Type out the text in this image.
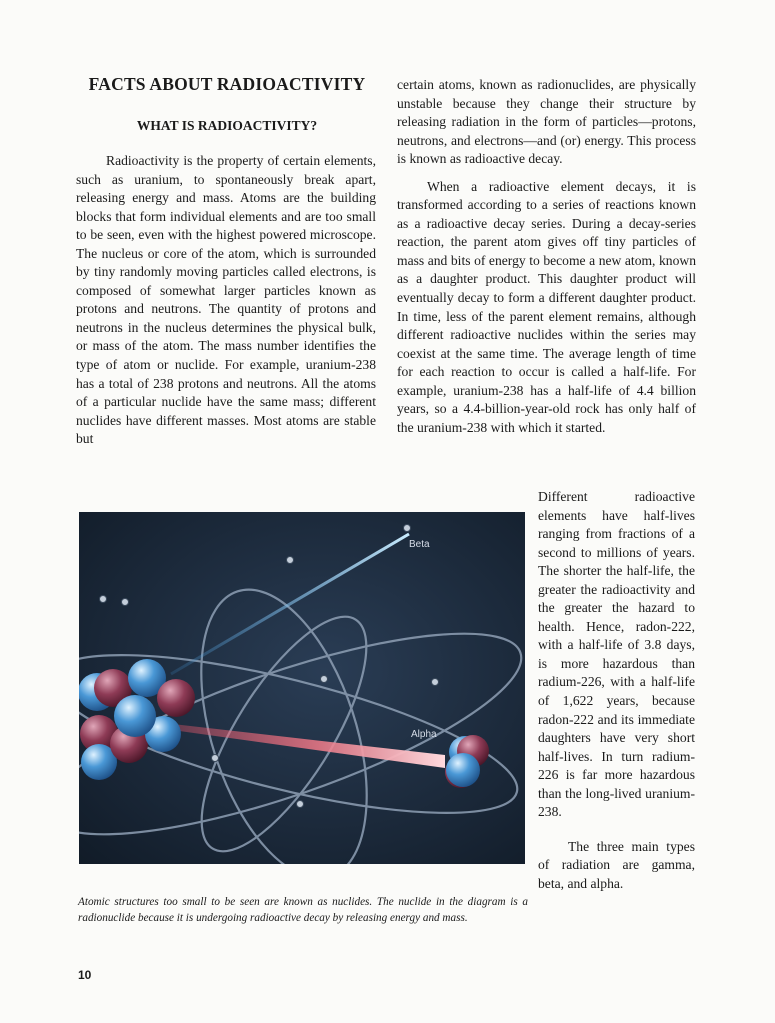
FACTS ABOUT RADIOACTIVITY
WHAT IS RADIOACTIVITY?

Radioactivity is the property of certain elements, such as uranium, to spontaneously break apart, releasing energy and mass. Atoms are the building blocks that form individual elements and are too small to be seen, even with the highest powered microscope. The nucleus or core of the atom, which is surrounded by tiny randomly moving particles called electrons, is composed of somewhat larger particles known as protons and neutrons. The quantity of protons and neutrons in the nucleus determines the physical bulk, or mass of the atom. The mass number identifies the type of atom or nuclide. For example, uranium-238 has a total of 238 protons and neutrons. All the atoms of a particular nuclide have the same mass; different nuclides have different masses. Most atoms are stable but

certain atoms, known as radionuclides, are physically unstable because they change their structure by releasing radiation in the form of particles—protons, neutrons, and electrons—and (or) energy. This process is known as radioactive decay.

When a radioactive element decays, it is transformed according to a series of reactions known as a radioactive decay series. During a decay-series reaction, the parent atom gives off tiny particles of mass and bits of energy to become a new atom, known as a daughter product. This daughter product will eventually decay to form a different daughter product. In time, less of the parent element remains, although different radioactive nuclides within the series may coexist at the same time. The average length of time for each reaction to occur is called a half-life. For example, uranium-238 has a half-life of 4.4 billion years, so a 4.4-billion-year-old rock has only half of the uranium-238 with which it started.

Different radioactive elements have half-lives ranging from fractions of a second to millions of years. The shorter the half-life, the greater the radioactivity and the greater the hazard to health. Hence, radon-222, with a half-life of 3.8 days, is more hazardous than radium-226, with a half-life of 1,622 years, because radon-222 and its immediate daughters have very short half-lives. In turn radium-226 is far more hazardous than the long-lived uranium-238.

The three main types of radiation are gamma, beta, and alpha.

Beta
Alpha

Atomic structures too small to be seen are known as nuclides. The nuclide in the diagram is a radionuclide because it is undergoing radioactive decay by releasing energy and mass.

10
